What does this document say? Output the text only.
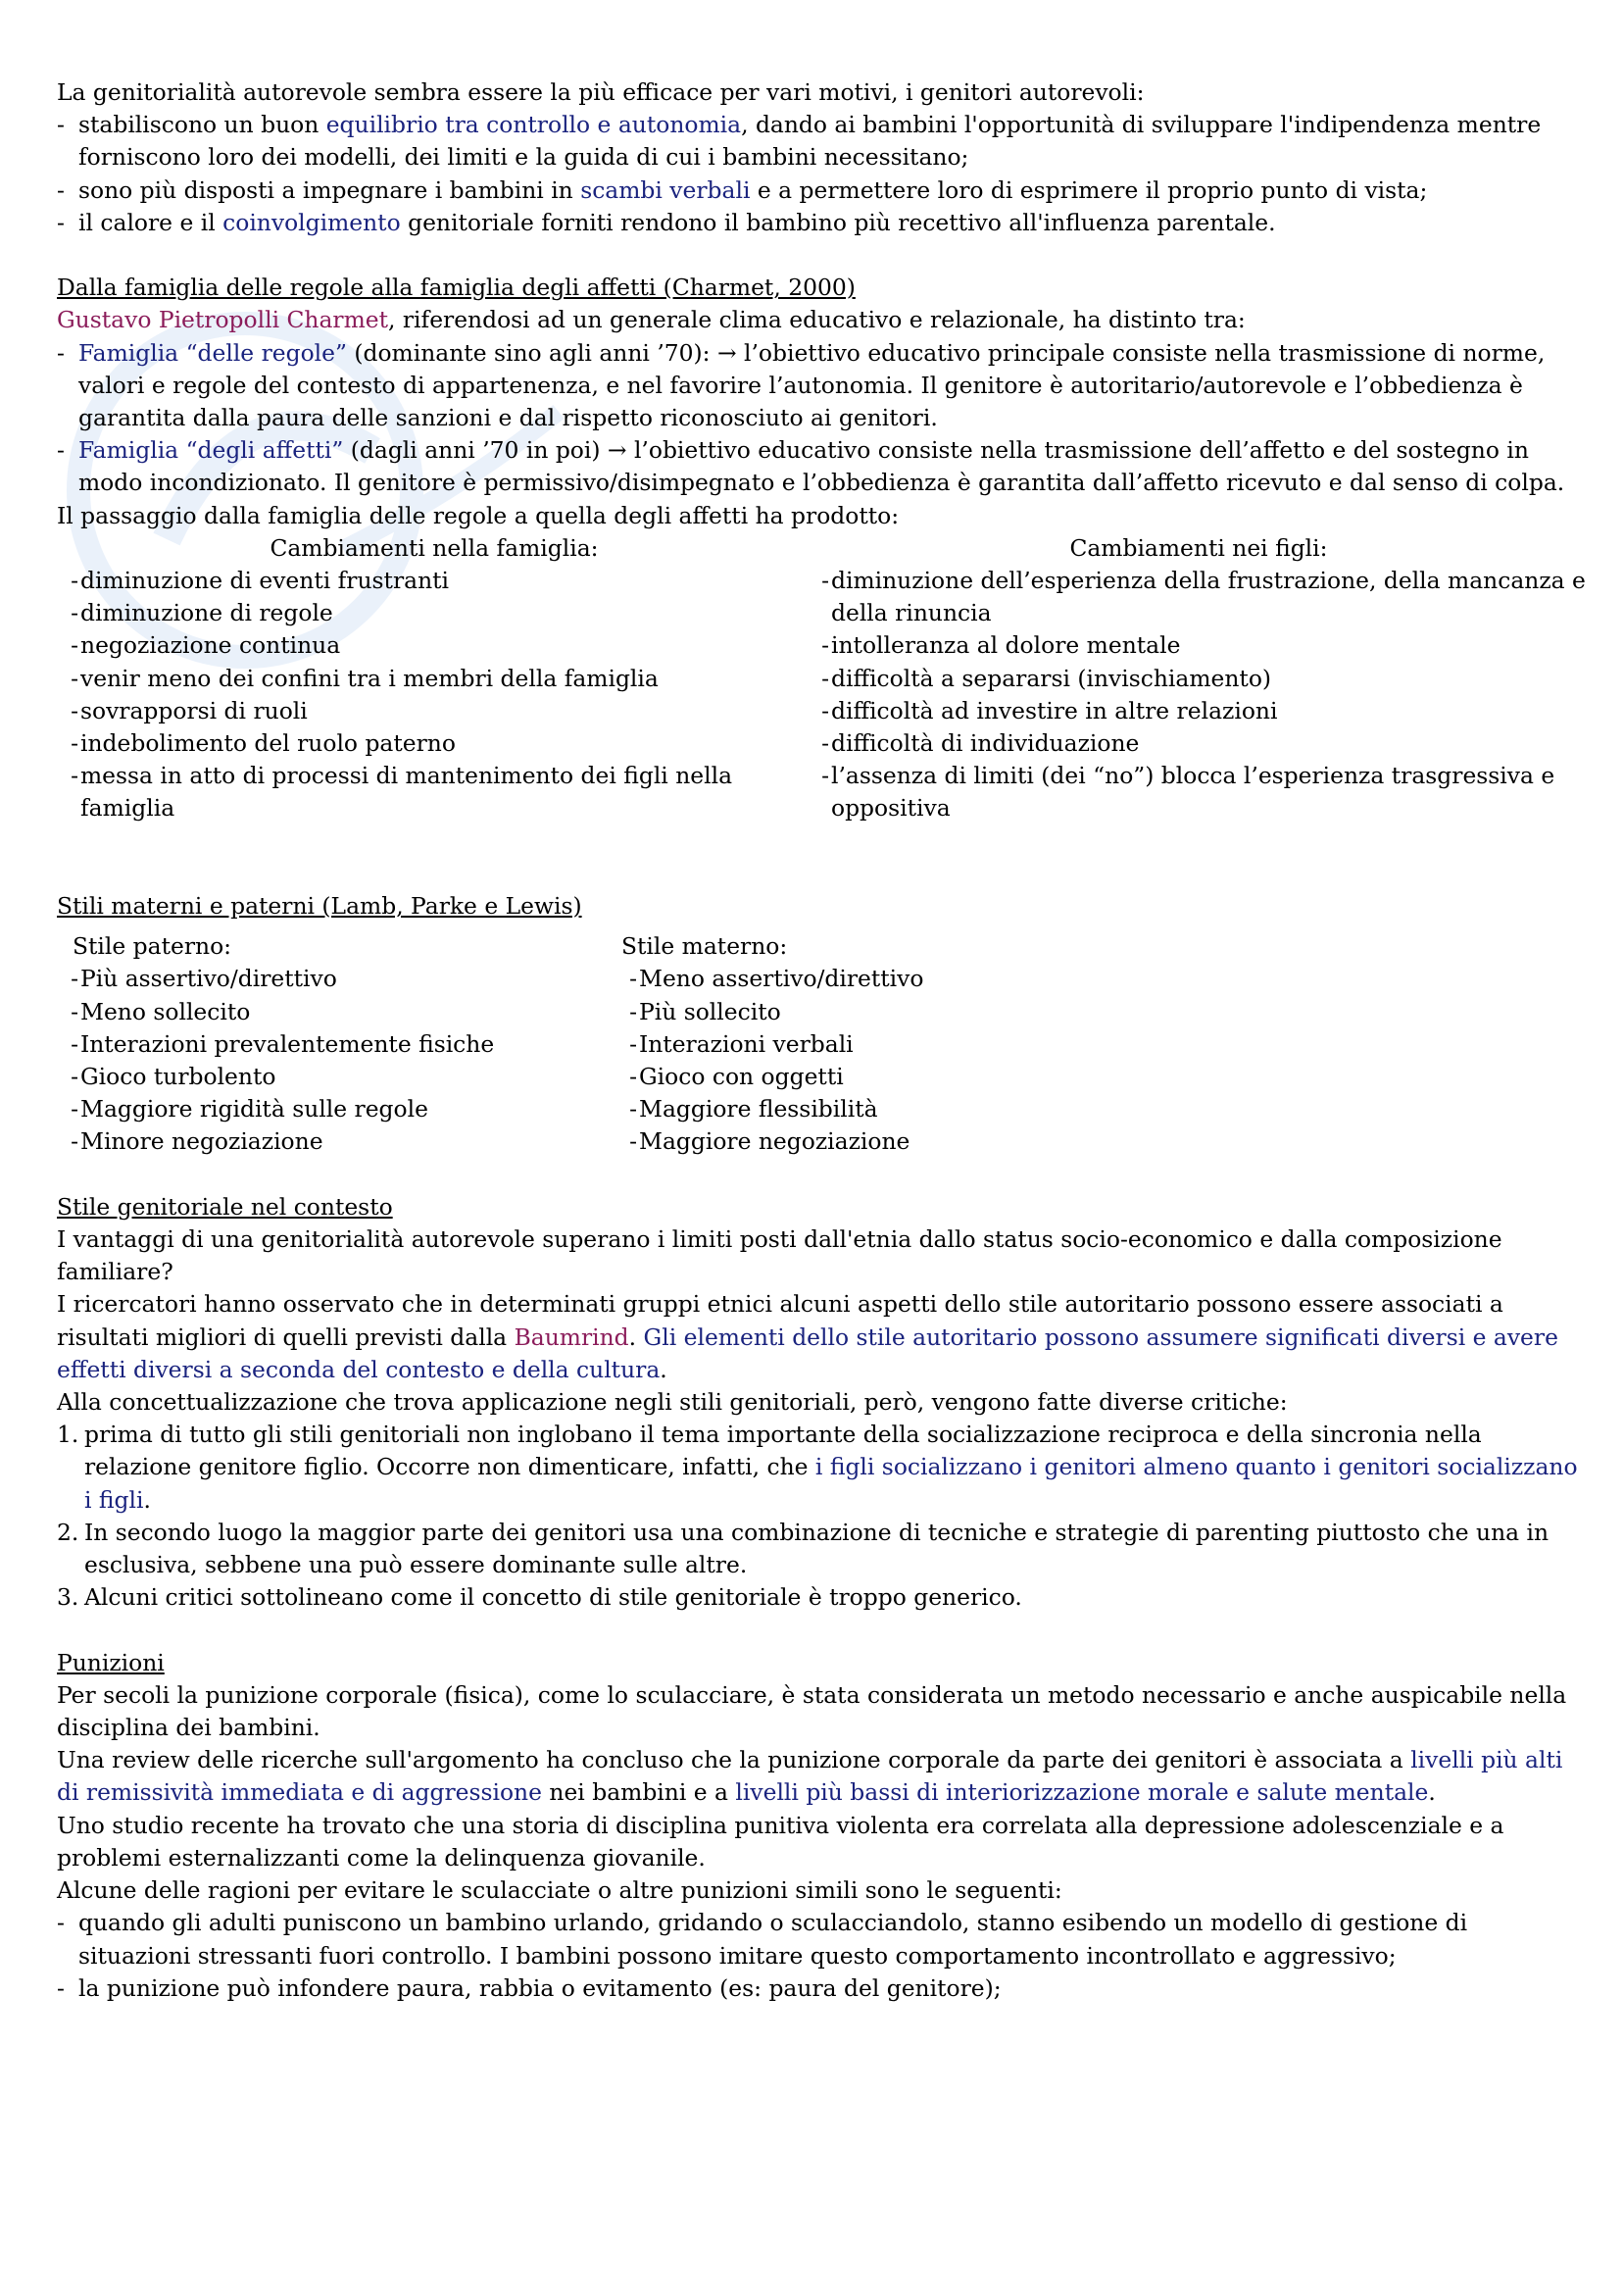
La genitorialità autorevole sembra essere la più efficace per vari motivi, i genitori autorevoli:

- stabiliscono un buon equilibrio tra controllo e autonomia, dando ai bambini l'opportunità di sviluppare l'indipendenza mentre forniscono loro dei modelli, dei limiti e la guida di cui i bambini necessitano;
- sono più disposti a impegnare i bambini in scambi verbali e a permettere loro di esprimere il proprio punto di vista;
- il calore e il coinvolgimento genitoriale forniti rendono il bambino più recettivo all'influenza parentale.

Dalla famiglia delle regole alla famiglia degli affetti (Charmet, 2000)

Gustavo Pietropolli Charmet, riferendosi ad un generale clima educativo e relazionale, ha distinto tra:

- Famiglia “delle regole” (dominante sino agli anni ’70): → l’obiettivo educativo principale consiste nella trasmissione di norme, valori e regole del contesto di appartenenza, e nel favorire l’autonomia. Il genitore è autoritario/autorevole e l’obbedienza è garantita dalla paura delle sanzioni e dal rispetto riconosciuto ai genitori.
- Famiglia “degli affetti” (dagli anni ’70 in poi) → l’obiettivo educativo consiste nella trasmissione dell’affetto e del sostegno in modo incondizionato. Il genitore è permissivo/disimpegnato e l’obbedienza è garantita dall’affetto ricevuto e dal senso di colpa.

Il passaggio dalla famiglia delle regole a quella degli affetti ha prodotto:

Cambiamenti nella famiglia:

- diminuzione di eventi frustranti
- diminuzione di regole
- negoziazione continua
- venir meno dei confini tra i membri della famiglia
- sovrapporsi di ruoli
- indebolimento del ruolo paterno
- messa in atto di processi di mantenimento dei figli nella famiglia

Cambiamenti nei figli:

- diminuzione dell’esperienza della frustrazione, della mancanza e della rinuncia
- intolleranza al dolore mentale
- difficoltà a separarsi (invischiamento)
- difficoltà ad investire in altre relazioni
- difficoltà di individuazione
- l’assenza di limiti (dei “no”) blocca l’esperienza trasgressiva e oppositiva

Stili materni e paterni (Lamb, Parke e Lewis)

Stile paterno:

- Più assertivo/direttivo
- Meno sollecito
- Interazioni prevalentemente fisiche
- Gioco turbolento
- Maggiore rigidità sulle regole
- Minore negoziazione

Stile materno:

- Meno assertivo/direttivo
- Più sollecito
- Interazioni verbali
- Gioco con oggetti
- Maggiore flessibilità
- Maggiore negoziazione

Stile genitoriale nel contesto

I vantaggi di una genitorialità autorevole superano i limiti posti dall'etnia dallo status socio-economico e dalla composizione familiare?

I ricercatori hanno osservato che in determinati gruppi etnici alcuni aspetti dello stile autoritario possono essere associati a risultati migliori di quelli previsti dalla Baumrind. Gli elementi dello stile autoritario possono assumere significati diversi e avere effetti diversi a seconda del contesto e della cultura.

Alla concettualizzazione che trova applicazione negli stili genitoriali, però, vengono fatte diverse critiche:

1. prima di tutto gli stili genitoriali non inglobano il tema importante della socializzazione reciproca e della sincronia nella relazione genitore figlio. Occorre non dimenticare, infatti, che i figli socializzano i genitori almeno quanto i genitori socializzano i figli.
2. In secondo luogo la maggior parte dei genitori usa una combinazione di tecniche e strategie di parenting piuttosto che una in esclusiva, sebbene una può essere dominante sulle altre.
3. Alcuni critici sottolineano come il concetto di stile genitoriale è troppo generico.

Punizioni

Per secoli la punizione corporale (fisica), come lo sculacciare, è stata considerata un metodo necessario e anche auspicabile nella disciplina dei bambini.

Una review delle ricerche sull'argomento ha concluso che la punizione corporale da parte dei genitori è associata a livelli più alti di remissività immediata e di aggressione nei bambini e a livelli più bassi di interiorizzazione morale e salute mentale.

Uno studio recente ha trovato che una storia di disciplina punitiva violenta era correlata alla depressione adolescenziale e a problemi esternalizzanti come la delinquenza giovanile.

Alcune delle ragioni per evitare le sculacciate o altre punizioni simili sono le seguenti:

- quando gli adulti puniscono un bambino urlando, gridando o sculacciandolo, stanno esibendo un modello di gestione di situazioni stressanti fuori controllo. I bambini possono imitare questo comportamento incontrollato e aggressivo;
- la punizione può infondere paura, rabbia o evitamento (es: paura del genitore);
